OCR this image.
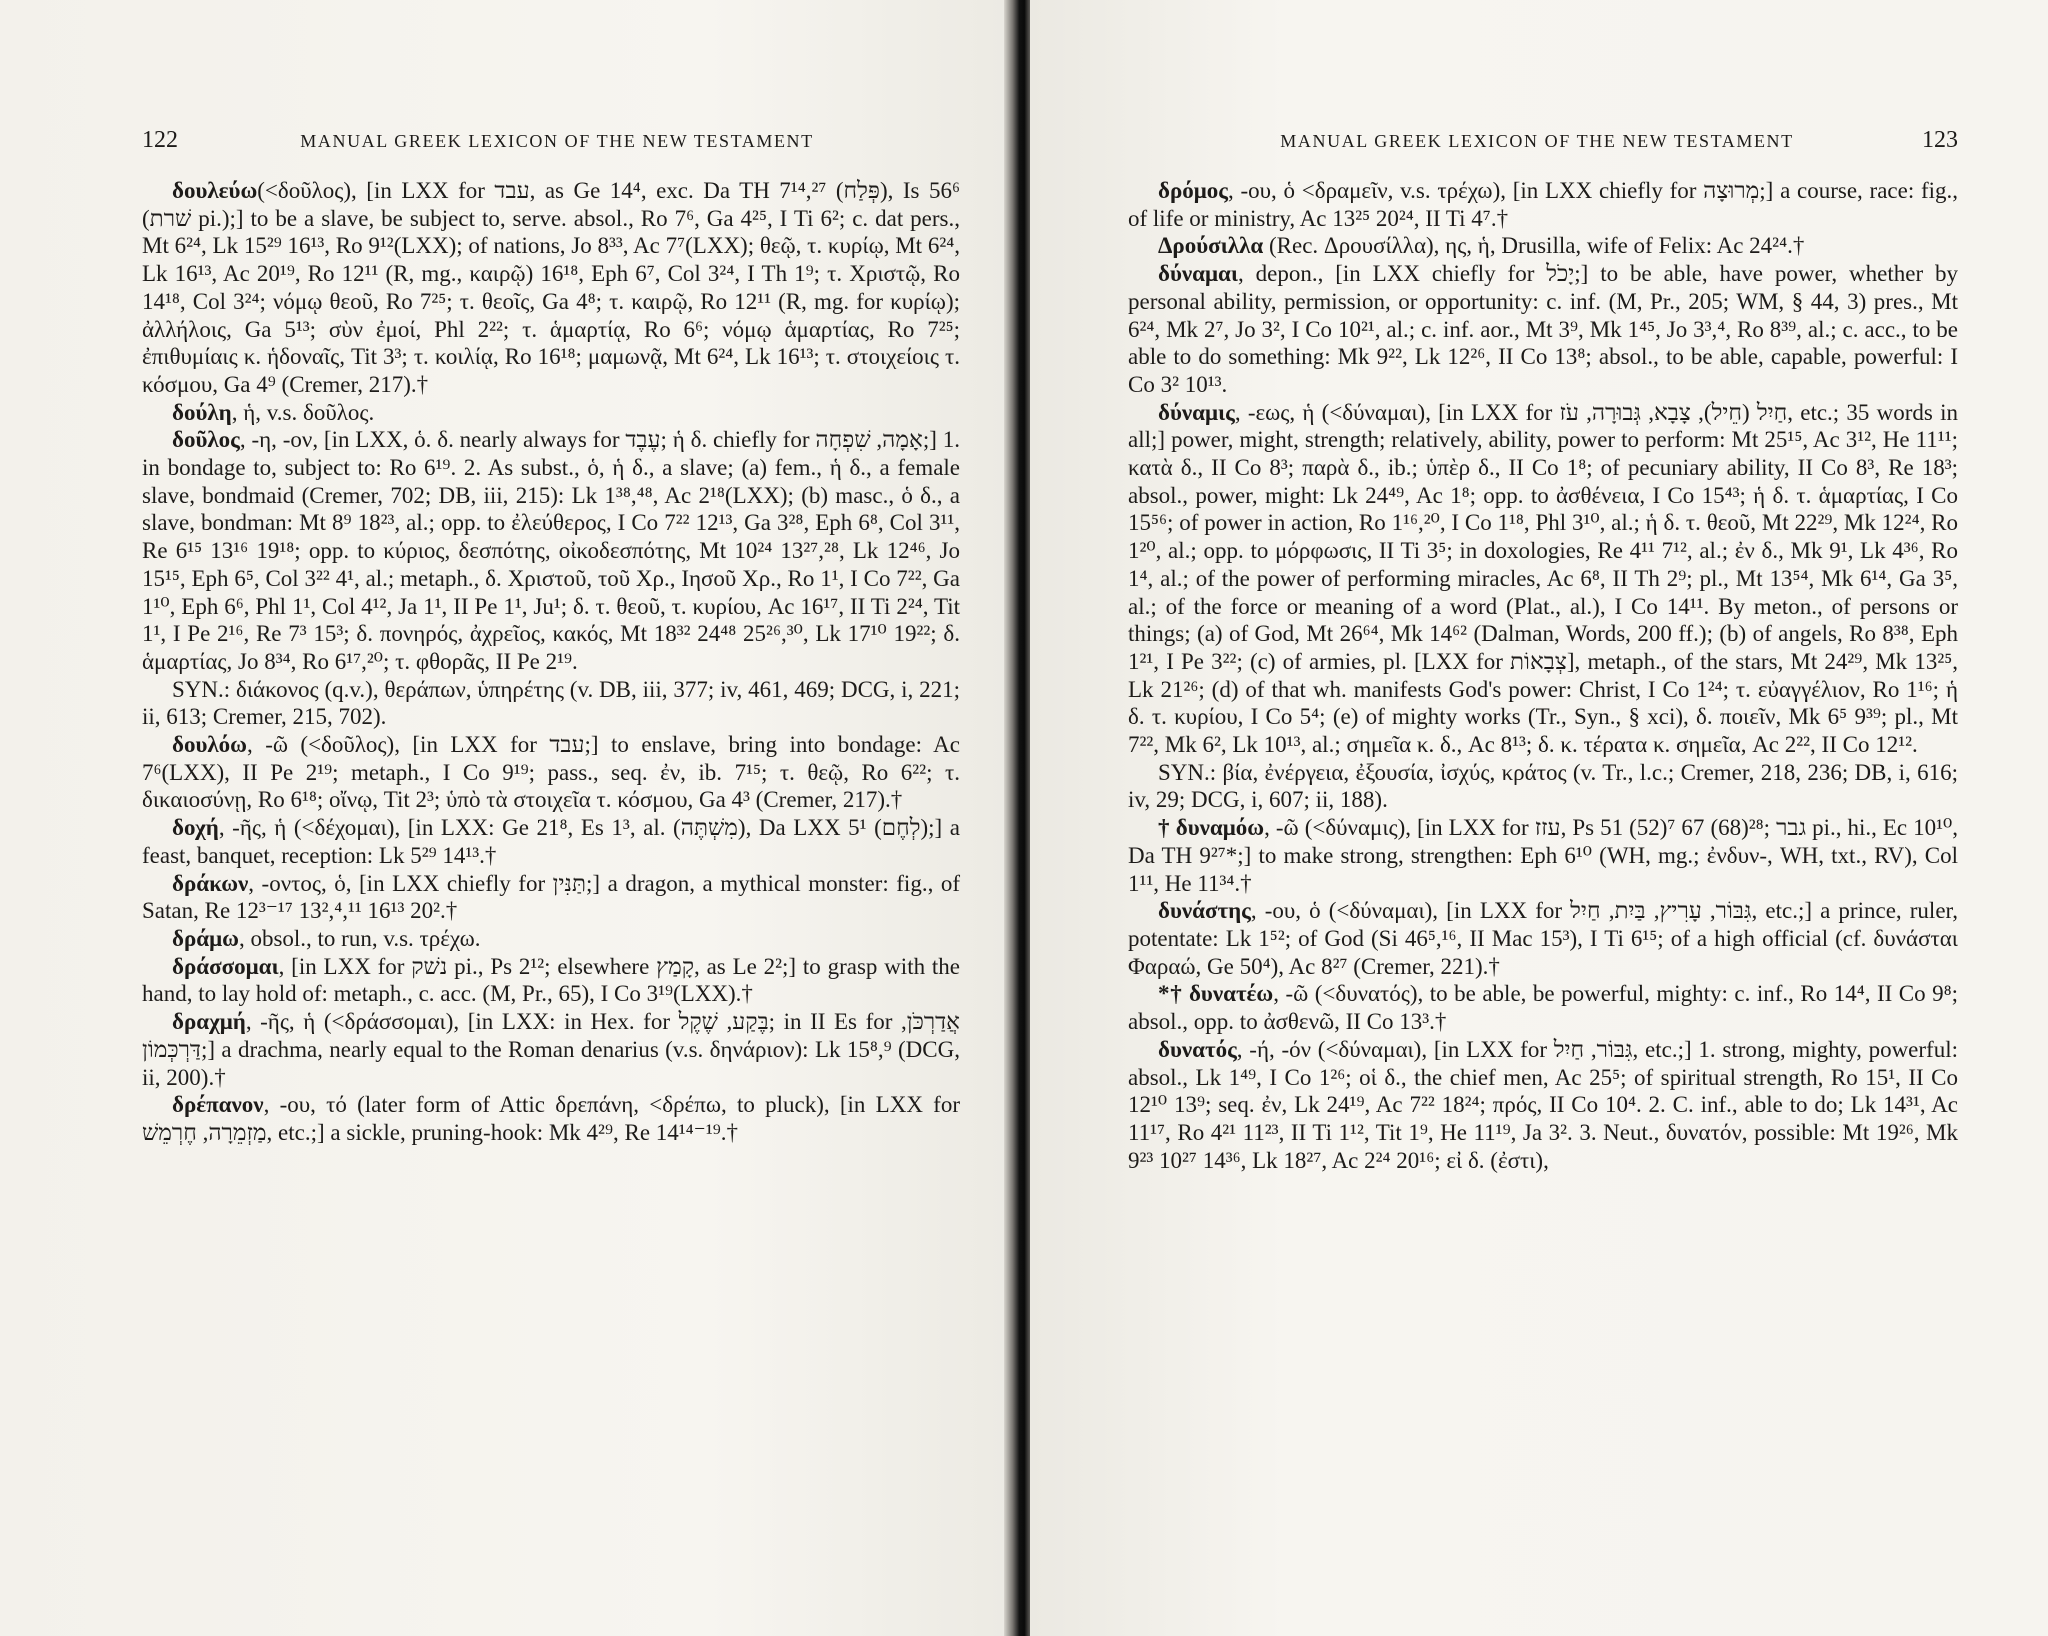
122	MANUAL GREEK LEXICON OF THE NEW TESTAMENT

δουλεύω(<δοῦλος), [in LXX for עבד, as Ge 14⁴, exc. Da TH 7¹⁴,²⁷ (פְּלַח), Is 56⁶ (שׁרת pi.);] to be a slave, be subject to, serve. absol., Ro 7⁶, Ga 4²⁵, I Ti 6²; c. dat pers., Mt 6²⁴, Lk 15²⁹ 16¹³, Ro 9¹²(LXX); of nations, Jo 8³³, Ac 7⁷(LXX); θεῷ, τ. κυρίῳ, Mt 6²⁴, Lk 16¹³, Ac 20¹⁹, Ro 12¹¹ (R, mg., καιρῷ) 16¹⁸, Eph 6⁷, Col 3²⁴, I Th 1⁹; τ. Χριστῷ, Ro 14¹⁸, Col 3²⁴; νόμῳ θεοῦ, Ro 7²⁵; τ. θεοῖς, Ga 4⁸; τ. καιρῷ, Ro 12¹¹ (R, mg. for κυρίῳ); ἀλλήλοις, Ga 5¹³; σὺν ἐμοί, Phl 2²²; τ. ἁμαρτίᾳ, Ro 6⁶; νόμῳ ἁμαρτίας, Ro 7²⁵; ἐπιθυμίαις κ. ἡδοναῖς, Tit 3³; τ. κοιλίᾳ, Ro 16¹⁸; μαμωνᾷ, Mt 6²⁴, Lk 16¹³; τ. στοιχείοις τ. κόσμου, Ga 4⁹ (Cremer, 217).†

δούλη, ἡ, v.s. δοῦλος.

δοῦλος, -η, -ον, [in LXX, ὁ. δ. nearly always for עֶבֶד; ἡ δ. chiefly for אָמָה, שִׁפְחָה;] 1. in bondage to, subject to: Ro 6¹⁹. 2. As subst., ὁ, ἡ δ., a slave; (a) fem., ἡ δ., a female slave, bondmaid (Cremer, 702; DB, iii, 215): Lk 1³⁸,⁴⁸, Ac 2¹⁸(LXX); (b) masc., ὁ δ., a slave, bondman: Mt 8⁹ 18²³, al.; opp. to ἐλεύθερος, I Co 7²² 12¹³, Ga 3²⁸, Eph 6⁸, Col 3¹¹, Re 6¹⁵ 13¹⁶ 19¹⁸; opp. to κύριος, δεσπότης, οἰκοδεσπότης, Mt 10²⁴ 13²⁷,²⁸, Lk 12⁴⁶, Jo 15¹⁵, Eph 6⁵, Col 3²² 4¹, al.; metaph., δ. Χριστοῦ, τοῦ Χρ., Ιησοῦ Χρ., Ro 1¹, I Co 7²², Ga 1¹⁰, Eph 6⁶, Phl 1¹, Col 4¹², Ja 1¹, II Pe 1¹, Ju¹; δ. τ. θεοῦ, τ. κυρίου, Ac 16¹⁷, II Ti 2²⁴, Tit 1¹, I Pe 2¹⁶, Re 7³ 15³; δ. πονηρός, ἀχρεῖος, κακός, Mt 18³² 24⁴⁸ 25²⁶,³⁰, Lk 17¹⁰ 19²²; δ. ἁμαρτίας, Jo 8³⁴, Ro 6¹⁷,²⁰; τ. φθορᾶς, II Pe 2¹⁹.

SYN.: διάκονος (q.v.), θεράπων, ὑπηρέτης (v. DB, iii, 377; iv, 461, 469; DCG, i, 221; ii, 613; Cremer, 215, 702).

δουλόω, -ῶ (<δοῦλος), [in LXX for עבד;] to enslave, bring into bondage: Ac 7⁶(LXX), II Pe 2¹⁹; metaph., I Co 9¹⁹; pass., seq. ἐν, ib. 7¹⁵; τ. θεῷ, Ro 6²²; τ. δικαιοσύνῃ, Ro 6¹⁸; οἴνῳ, Tit 2³; ὑπὸ τὰ στοιχεῖα τ. κόσμου, Ga 4³ (Cremer, 217).†

δοχή, -ῆς, ἡ (<δέχομαι), [in LXX: Ge 21⁸, Es 1³, al. (מִשְׁתֶּה), Da LXX 5¹ (לְחֶם);] a feast, banquet, reception: Lk 5²⁹ 14¹³.†

δράκων, -οντος, ὁ, [in LXX chiefly for תַּנִּין;] a dragon, a mythical monster: fig., of Satan, Re 12³⁻¹⁷ 13²,⁴,¹¹ 16¹³ 20².†

δράμω, obsol., to run, v.s. τρέχω.

δράσσομαι, [in LXX for נשׁק pi., Ps 2¹²; elsewhere קָמַץ, as Le 2²;] to grasp with the hand, to lay hold of: metaph., c. acc. (M, Pr., 65), I Co 3¹⁹(LXX).†

δραχμή, -ῆς, ἡ (<δράσσομαι), [in LXX: in Hex. for בֶּקַע, שֶׁקֶל; in II Es for אֲדַרְכֹּן, דַּרְכְּמוֹן;] a drachma, nearly equal to the Roman denarius (v.s. δηνάριον): Lk 15⁸,⁹ (DCG, ii, 200).†

δρέπανον, -ου, τό (later form of Attic δρεπάνη, <δρέπω, to pluck), [in LXX for מַזְמֵרָה, חֶרְמֵשׁ, etc.;] a sickle, pruning-hook: Mk 4²⁹, Re 14¹⁴⁻¹⁹.†

MANUAL GREEK LEXICON OF THE NEW TESTAMENT	123

δρόμος, -ου, ὁ <δραμεῖν, v.s. τρέχω), [in LXX chiefly for מְרוּצָה;] a course, race: fig., of life or ministry, Ac 13²⁵ 20²⁴, II Ti 4⁷.†

Δρούσιλλα (Rec. Δρουσίλλα), ης, ἡ, Drusilla, wife of Felix: Ac 24²⁴.†

δύναμαι, depon., [in LXX chiefly for יָכֹל;] to be able, have power, whether by personal ability, permission, or opportunity: c. inf. (M, Pr., 205; WM, § 44, 3) pres., Mt 6²⁴, Mk 2⁷, Jo 3², I Co 10²¹, al.; c. inf. aor., Mt 3⁹, Mk 1⁴⁵, Jo 3³,⁴, Ro 8³⁹, al.; c. acc., to be able to do something: Mk 9²², Lk 12²⁶, II Co 13⁸; absol., to be able, capable, powerful: I Co 3² 10¹³.

δύναμις, -εως, ἡ (<δύναμαι), [in LXX for חַיִל (חֵיל), צָבָא, גְּבוּרָה, עֹז, etc.; 35 words in all;] power, might, strength; relatively, ability, power to perform: Mt 25¹⁵, Ac 3¹², He 11¹¹; κατὰ δ., II Co 8³; παρὰ δ., ib.; ὑπὲρ δ., II Co 1⁸; of pecuniary ability, II Co 8³, Re 18³; absol., power, might: Lk 24⁴⁹, Ac 1⁸; opp. to ἀσθένεια, I Co 15⁴³; ἡ δ. τ. ἁμαρτίας, I Co 15⁵⁶; of power in action, Ro 1¹⁶,²⁰, I Co 1¹⁸, Phl 3¹⁰, al.; ἡ δ. τ. θεοῦ, Mt 22²⁹, Mk 12²⁴, Ro 1²⁰, al.; opp. to μόρφωσις, II Ti 3⁵; in doxologies, Re 4¹¹ 7¹², al.; ἐν δ., Mk 9¹, Lk 4³⁶, Ro 1⁴, al.; of the power of performing miracles, Ac 6⁸, II Th 2⁹; pl., Mt 13⁵⁴, Mk 6¹⁴, Ga 3⁵, al.; of the force or meaning of a word (Plat., al.), I Co 14¹¹. By meton., of persons or things; (a) of God, Mt 26⁶⁴, Mk 14⁶² (Dalman, Words, 200 ff.); (b) of angels, Ro 8³⁸, Eph 1²¹, I Pe 3²²; (c) of armies, pl. [LXX for צְבָאוֹת], metaph., of the stars, Mt 24²⁹, Mk 13²⁵, Lk 21²⁶; (d) of that wh. manifests God's power: Christ, I Co 1²⁴; τ. εὐαγγέλιον, Ro 1¹⁶; ἡ δ. τ. κυρίου, I Co 5⁴; (e) of mighty works (Tr., Syn., § xci), δ. ποιεῖν, Mk 6⁵ 9³⁹; pl., Mt 7²², Mk 6², Lk 10¹³, al.; σημεῖα κ. δ., Ac 8¹³; δ. κ. τέρατα κ. σημεῖα, Ac 2²², II Co 12¹².

SYN.: βία, ἐνέργεια, ἐξουσία, ἰσχύς, κράτος (v. Tr., l.c.; Cremer, 218, 236; DB, i, 616; iv, 29; DCG, i, 607; ii, 188).

† δυναμόω, -ῶ (<δύναμις), [in LXX for עזז, Ps 51 (52)⁷ 67 (68)²⁸; גבר pi., hi., Ec 10¹⁰, Da TH 9²⁷*;] to make strong, strengthen: Eph 6¹⁰ (WH, mg.; ἐνδυν-, WH, txt., RV), Col 1¹¹, He 11³⁴.†

δυνάστης, -ου, ὁ (<δύναμαι), [in LXX for גִּבּוֹר, עָרִיץ, בַּיִת, חַיִל, etc.;] a prince, ruler, potentate: Lk 1⁵²; of God (Si 46⁵,¹⁶, II Mac 15³), I Ti 6¹⁵; of a high official (cf. δυνάσται Φαραώ, Ge 50⁴), Ac 8²⁷ (Cremer, 221).†

*† δυνατέω, -ῶ (<δυνατός), to be able, be powerful, mighty: c. inf., Ro 14⁴, II Co 9⁸; absol., opp. to ἀσθενῶ, II Co 13³.†

δυνατός, -ή, -όν (<δύναμαι), [in LXX for גִּבּוֹר, חַיִל, etc.;] 1. strong, mighty, powerful: absol., Lk 1⁴⁹, I Co 1²⁶; οἱ δ., the chief men, Ac 25⁵; of spiritual strength, Ro 15¹, II Co 12¹⁰ 13⁹; seq. ἐν, Lk 24¹⁹, Ac 7²² 18²⁴; πρός, II Co 10⁴. 2. C. inf., able to do; Lk 14³¹, Ac 11¹⁷, Ro 4²¹ 11²³, II Ti 1¹², Tit 1⁹, He 11¹⁹, Ja 3². 3. Neut., δυνατόν, possible: Mt 19²⁶, Mk 9²³ 10²⁷ 14³⁶, Lk 18²⁷, Ac 2²⁴ 20¹⁶; εἰ δ. (ἐστι),
